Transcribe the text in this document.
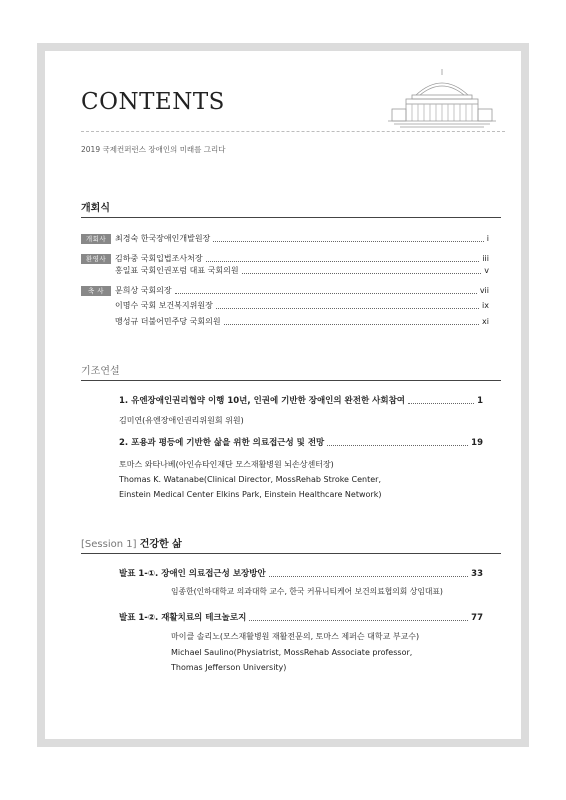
CONTENTS
2019 국제컨퍼런스 장애인의 미래를 그리다
개회식
개회사	최경숙 한국장애인개발원장	i
환영사	김하중 국회입법조사처장	iii
홍일표 국회인권포럼 대표 국회의원	v
축 사	문희상 국회의장	vii
이명수 국회 보건복지위원장	ix
맹성규 더불어민주당 국회의원	xi
기조연설
1. 유엔장애인권리협약 이행 10년, 인권에 기반한 장애인의 완전한 사회참여	1
김미연(유엔장애인권리위원회 위원)
2. 포용과 평등에 기반한 삶을 위한 의료접근성 및 전망	19
토마스 와타나베(아인슈타인재단 모스재활병원 뇌손상센터장)
Thomas K. Watanabe(Clinical Director, MossRehab Stroke Center,
Einstein Medical Center Elkins Park, Einstein Healthcare Network)
[Session 1] 건강한 삶
발표 1-①. 장애인 의료접근성 보장방안	33
임종한(인하대학교 의과대학 교수, 한국 커뮤니티케어 보건의료협의회 상임대표)
발표 1-②. 재활치료의 테크놀로지	77
마이클 솔리노(모스재활병원 재활전문의, 토마스 제퍼슨 대학교 부교수)
Michael Saulino(Physiatrist, MossRehab Associate professor,
Thomas Jefferson University)
